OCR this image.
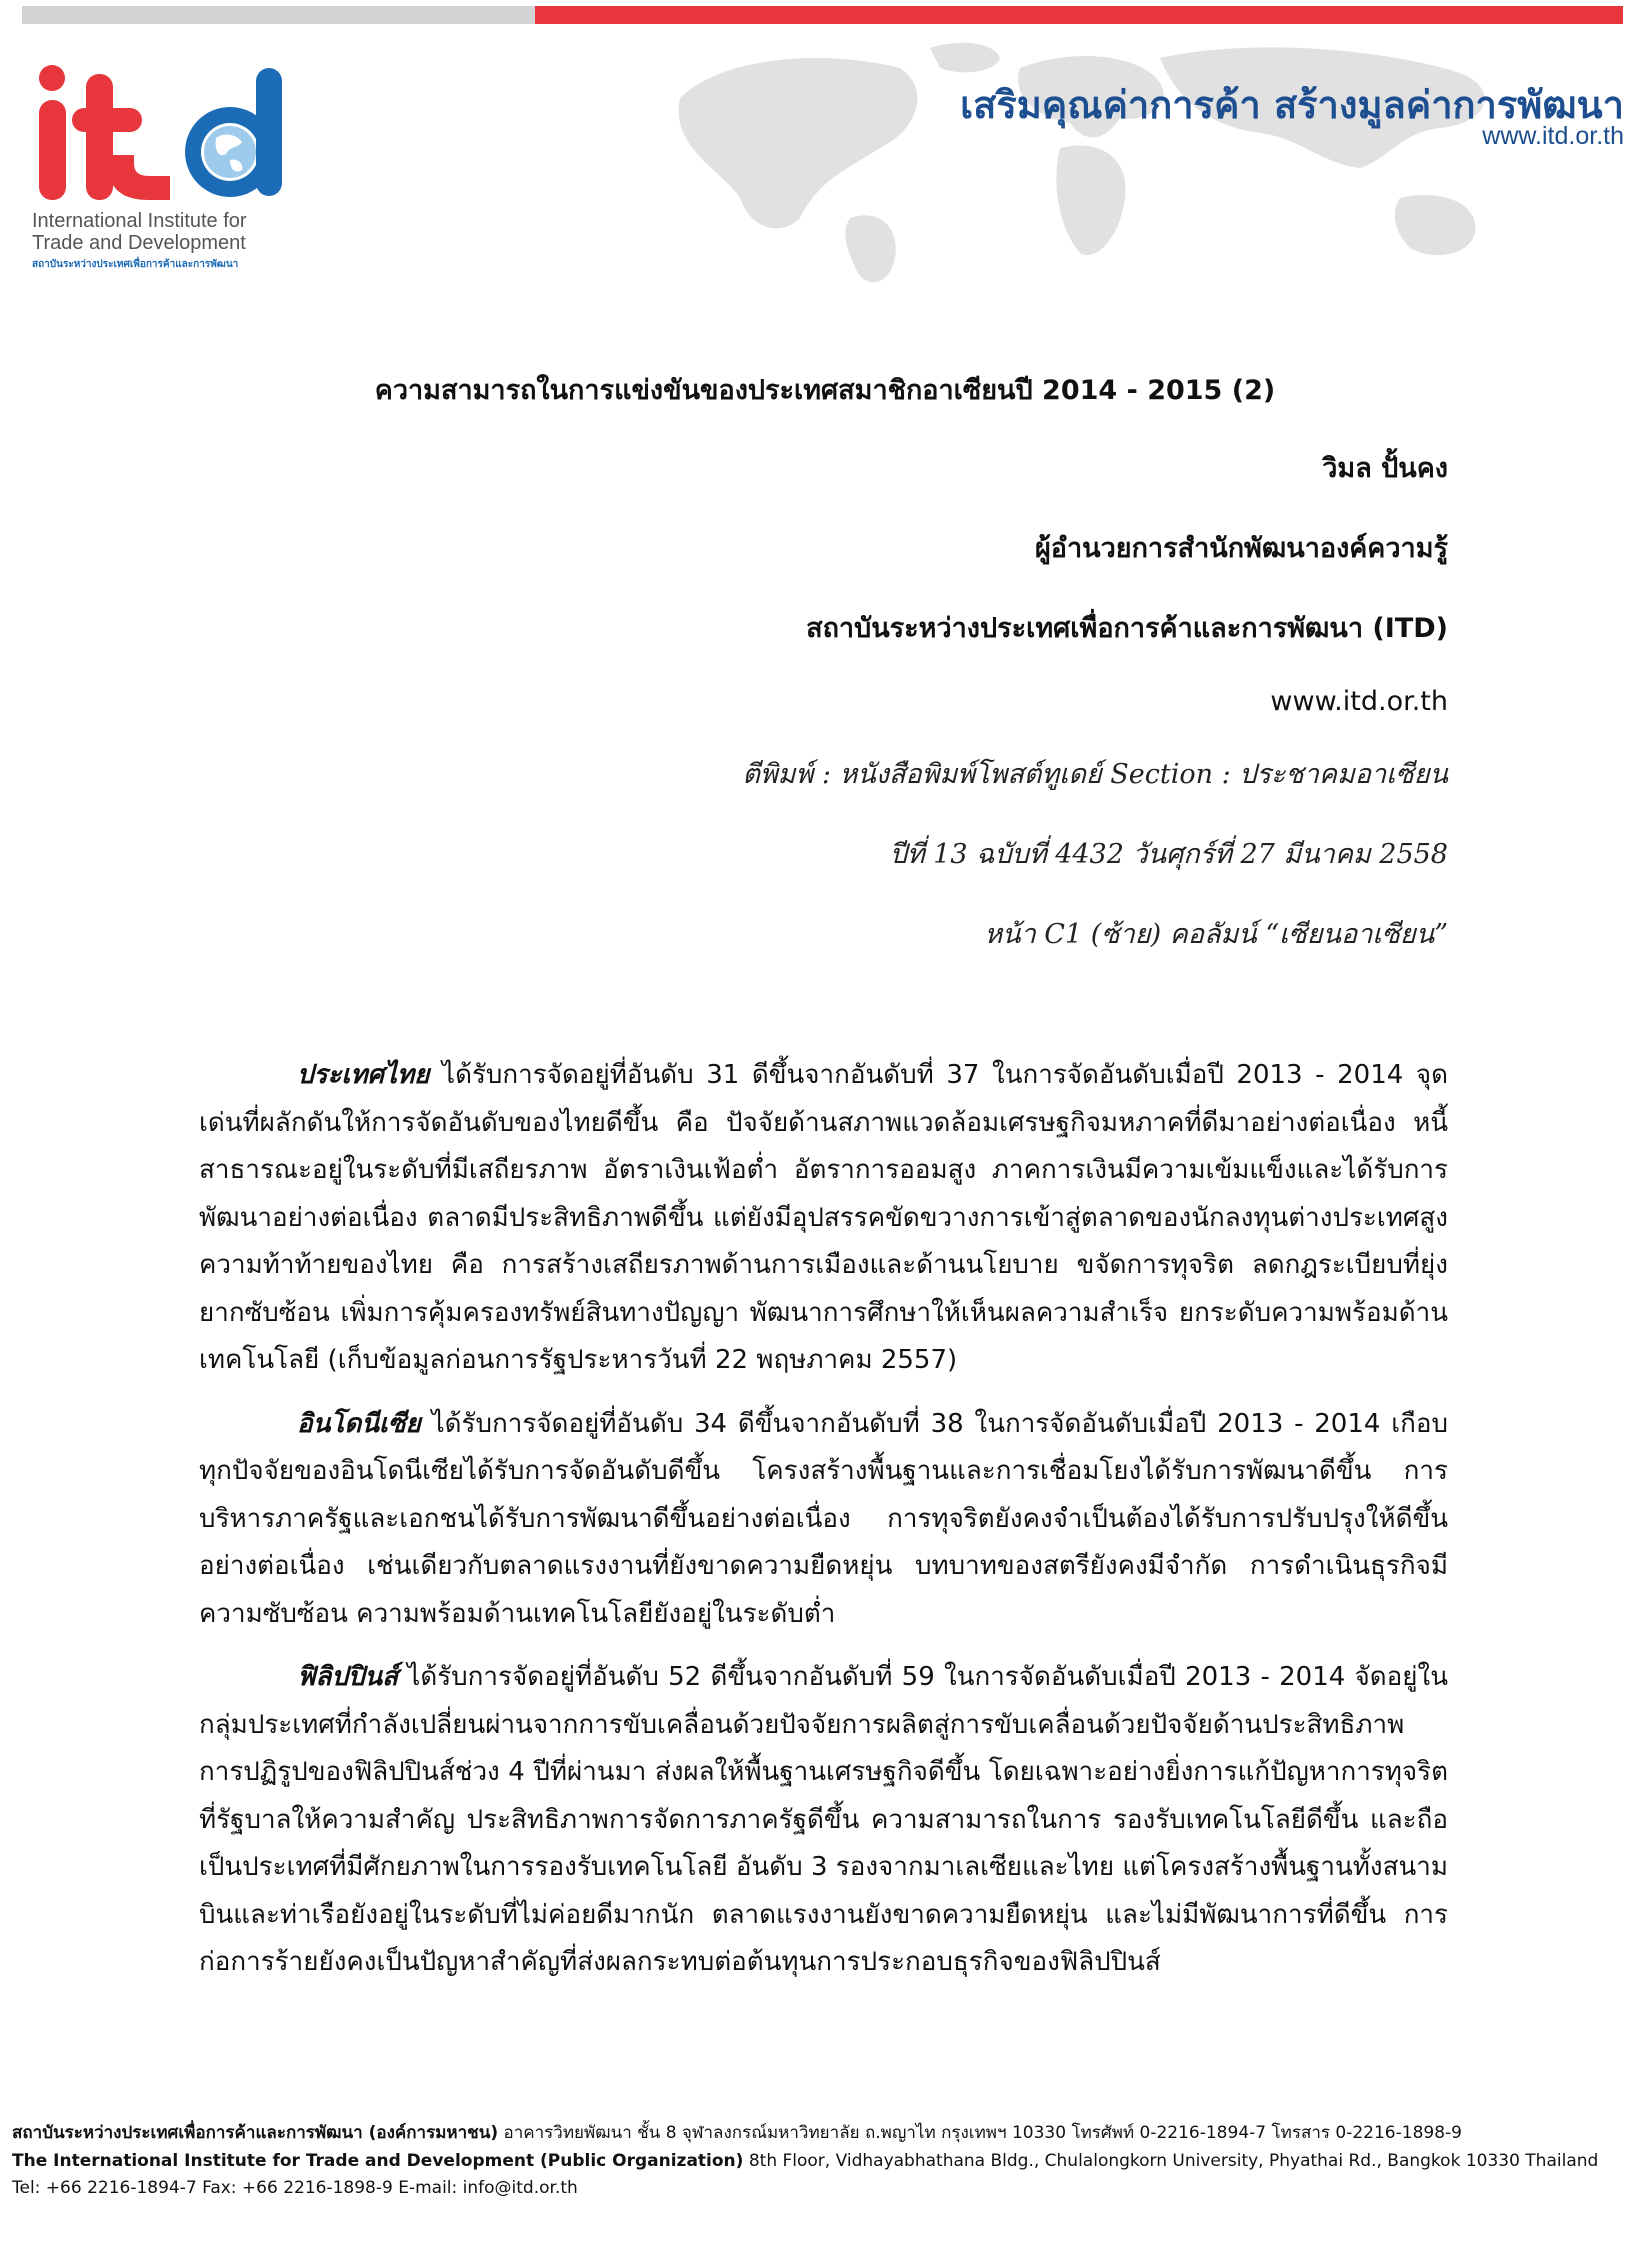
International Institute for
Trade and Development
สถาบันระหว่างประเทศเพื่อการค้าและการพัฒนา
เสริมคุณค่าการค้า สร้างมูลค่าการพัฒนา
www.itd.or.th
ความสามารถในการแข่งขันของประเทศสมาชิกอาเซียนปี 2014 - 2015 (2)
วิมล ปั้นคง
ผู้อำนวยการสำนักพัฒนาองค์ความรู้
สถาบันระหว่างประเทศเพื่อการค้าและการพัฒนา (ITD)
www.itd.or.th
ตีพิมพ์ : หนังสือพิมพ์โพสต์ทูเดย์ Section : ประชาคมอาเซียน
ปีที่ 13 ฉบับที่ 4432 วันศุกร์ที่ 27 มีนาคม 2558
หน้า C1 (ซ้าย) คอลัมน์ “เซียนอาเซียน”

ประเทศไทย ได้รับการจัดอยู่ที่อันดับ 31 ดีขึ้นจากอันดับที่ 37 ในการจัดอันดับเมื่อปี 2013 - 2014 จุดเด่นที่ผลักดันให้การจัดอันดับของไทยดีขึ้น คือ ปัจจัยด้านสภาพแวดล้อมเศรษฐกิจมหภาคที่ดีมาอย่างต่อเนื่อง หนี้สาธารณะอยู่ในระดับที่มีเสถียรภาพ อัตราเงินเฟ้อต่ำ อัตราการออมสูง ภาคการเงินมีความเข้มแข็งและได้รับการพัฒนาอย่างต่อเนื่อง ตลาดมีประสิทธิภาพดีขึ้น แต่ยังมีอุปสรรคขัดขวางการเข้าสู่ตลาดของนักลงทุนต่างประเทศสูง ความท้าท้ายของไทย คือ การสร้างเสถียรภาพด้านการเมืองและด้านนโยบาย ขจัดการทุจริต ลดกฎระเบียบที่ยุ่งยากซับซ้อน เพิ่มการคุ้มครองทรัพย์สินทางปัญญา พัฒนาการศึกษาให้เห็นผลความสำเร็จ ยกระดับความพร้อมด้านเทคโนโลยี (เก็บข้อมูลก่อนการรัฐประหารวันที่ 22 พฤษภาคม 2557)

อินโดนีเซีย ได้รับการจัดอยู่ที่อันดับ 34 ดีขึ้นจากอันดับที่ 38 ในการจัดอันดับเมื่อปี 2013 - 2014 เกือบทุกปัจจัยของอินโดนีเซียได้รับการจัดอันดับดีขึ้น โครงสร้างพื้นฐานและการเชื่อมโยงได้รับการพัฒนาดีขึ้น การบริหารภาครัฐและเอกชนได้รับการพัฒนาดีขึ้นอย่างต่อเนื่อง การทุจริตยังคงจำเป็นต้องได้รับการปรับปรุงให้ดีขึ้นอย่างต่อเนื่อง เช่นเดียวกับตลาดแรงงานที่ยังขาดความยืดหยุ่น บทบาทของสตรียังคงมีจำกัด การดำเนินธุรกิจมีความซับซ้อน ความพร้อมด้านเทคโนโลยียังอยู่ในระดับต่ำ

ฟิลิปปินส์ ได้รับการจัดอยู่ที่อันดับ 52 ดีขึ้นจากอันดับที่ 59 ในการจัดอันดับเมื่อปี 2013 - 2014 จัดอยู่ในกลุ่มประเทศที่กำลังเปลี่ยนผ่านจากการขับเคลื่อนด้วยปัจจัยการผลิตสู่การขับเคลื่อนด้วยปัจจัยด้านประสิทธิภาพ การปฏิรูปของฟิลิปปินส์ช่วง 4 ปีที่ผ่านมา ส่งผลให้พื้นฐานเศรษฐกิจดีขึ้น โดยเฉพาะอย่างยิ่งการแก้ปัญหาการทุจริตที่รัฐบาลให้ความสำคัญ ประสิทธิภาพการจัดการภาครัฐดีขึ้น ความสามารถในการ รองรับเทคโนโลยีดีขึ้น และถือเป็นประเทศที่มีศักยภาพในการรองรับเทคโนโลยี อันดับ 3 รองจากมาเลเซียและไทย แต่โครงสร้างพื้นฐานทั้งสนามบินและท่าเรือยังอยู่ในระดับที่ไม่ค่อยดีมากนัก ตลาดแรงงานยังขาดความยืดหยุ่น และไม่มีพัฒนาการที่ดีขึ้น การก่อการร้ายยังคงเป็นปัญหาสำคัญที่ส่งผลกระทบต่อต้นทุนการประกอบธุรกิจของฟิลิปปินส์

สถาบันระหว่างประเทศเพื่อการค้าและการพัฒนา (องค์การมหาชน) อาคารวิทยพัฒนา ชั้น 8 จุฬาลงกรณ์มหาวิทยาลัย ถ.พญาไท กรุงเทพฯ 10330 โทรศัพท์ 0-2216-1894-7 โทรสาร 0-2216-1898-9
The International Institute for Trade and Development (Public Organization) 8th Floor, Vidhayabhathana Bldg., Chulalongkorn University, Phyathai Rd., Bangkok 10330 Thailand
Tel: +66 2216-1894-7 Fax: +66 2216-1898-9 E-mail: info@itd.or.th
